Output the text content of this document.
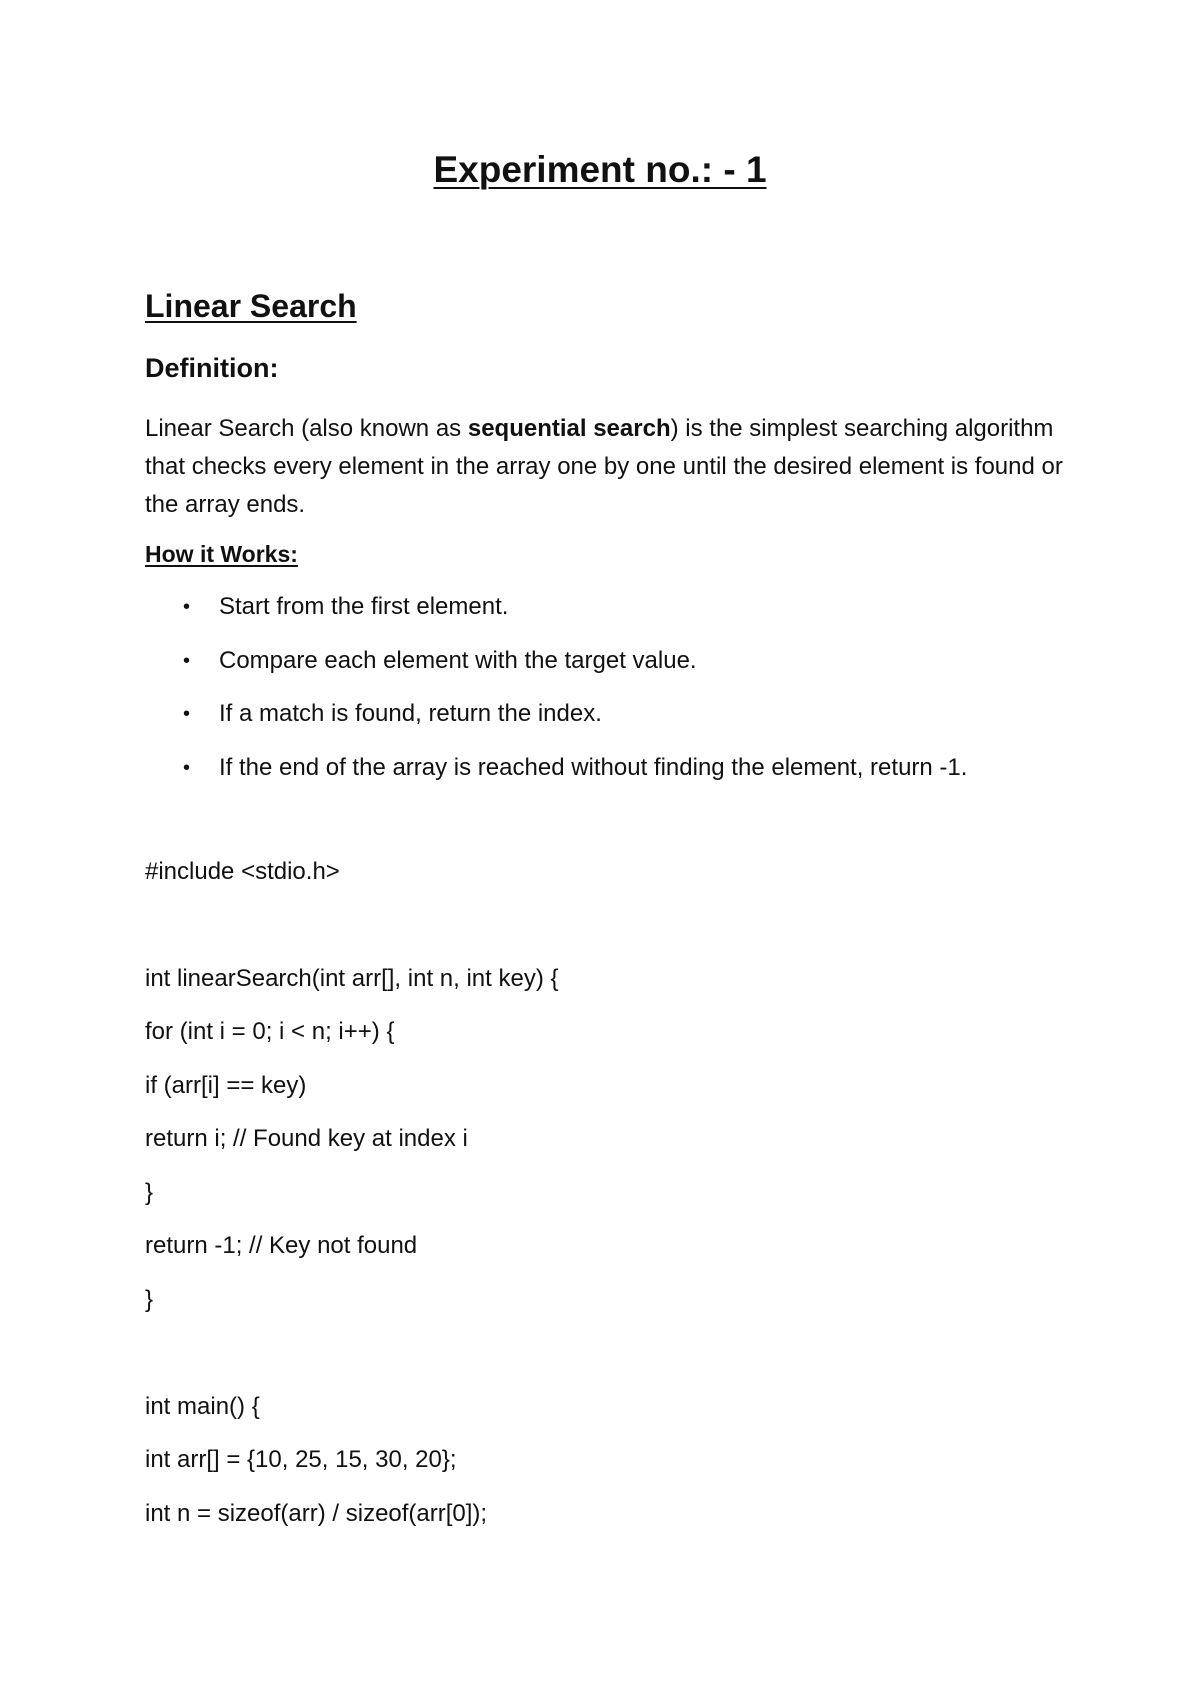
Experiment no.: - 1
Linear Search
Definition:

Linear Search (also known as sequential search) is the simplest searching algorithm that checks every element in the array one by one until the desired element is found or the array ends.

How it Works:
• Start from the first element.
• Compare each element with the target value.
• If a match is found, return the index.
• If the end of the array is reached without finding the element, return -1.
#include <stdio.h>
int linearSearch(int arr[], int n, int key) {
for (int i = 0; i < n; i++) {
if (arr[i] == key)
return i; // Found key at index i
}
return -1; // Key not found
}
int main() {
int arr[] = {10, 25, 15, 30, 20};
int n = sizeof(arr) / sizeof(arr[0]);
